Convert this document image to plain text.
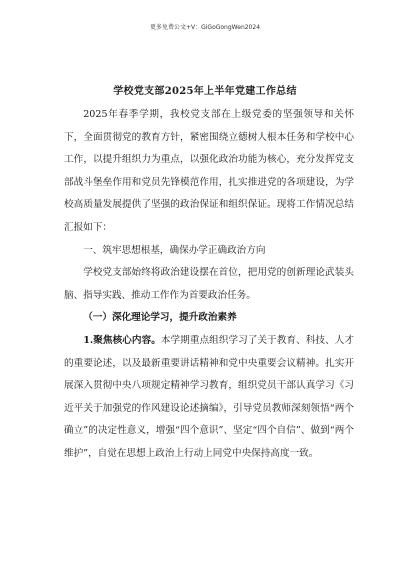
更多免费公文+V：GiGoGongWen2024
学校党支部2025年上半年党建工作总结

2025年春季学期，我校党支部在上级党委的坚强领导和关怀下，全面贯彻党的教育方针，紧密围绕立德树人根本任务和学校中心工作，以提升组织力为重点，以强化政治功能为核心，充分发挥党支部战斗堡垒作用和党员先锋模范作用，扎实推进党的各项建设，为学校高质量发展提供了坚强的政治保证和组织保证。现将工作情况总结汇报如下：

一、筑牢思想根基，确保办学正确政治方向

学校党支部始终将政治建设摆在首位，把用党的创新理论武装头脑、指导实践、推动工作作为首要政治任务。

（一）深化理论学习，提升政治素养

1.聚焦核心内容。本学期重点组织学习了关于教育、科技、人才的重要论述，以及最新重要讲话精神和党中央重要会议精神。扎实开展深入贯彻中央八项规定精神学习教育，组织党员干部认真学习《习近平关于加强党的作风建设论述摘编》，引导党员教师深刻领悟“两个确立”的决定性意义，增强“四个意识”、坚定“四个自信”、做到“两个维护”，自觉在思想上政治上行动上同党中央保持高度一致。
